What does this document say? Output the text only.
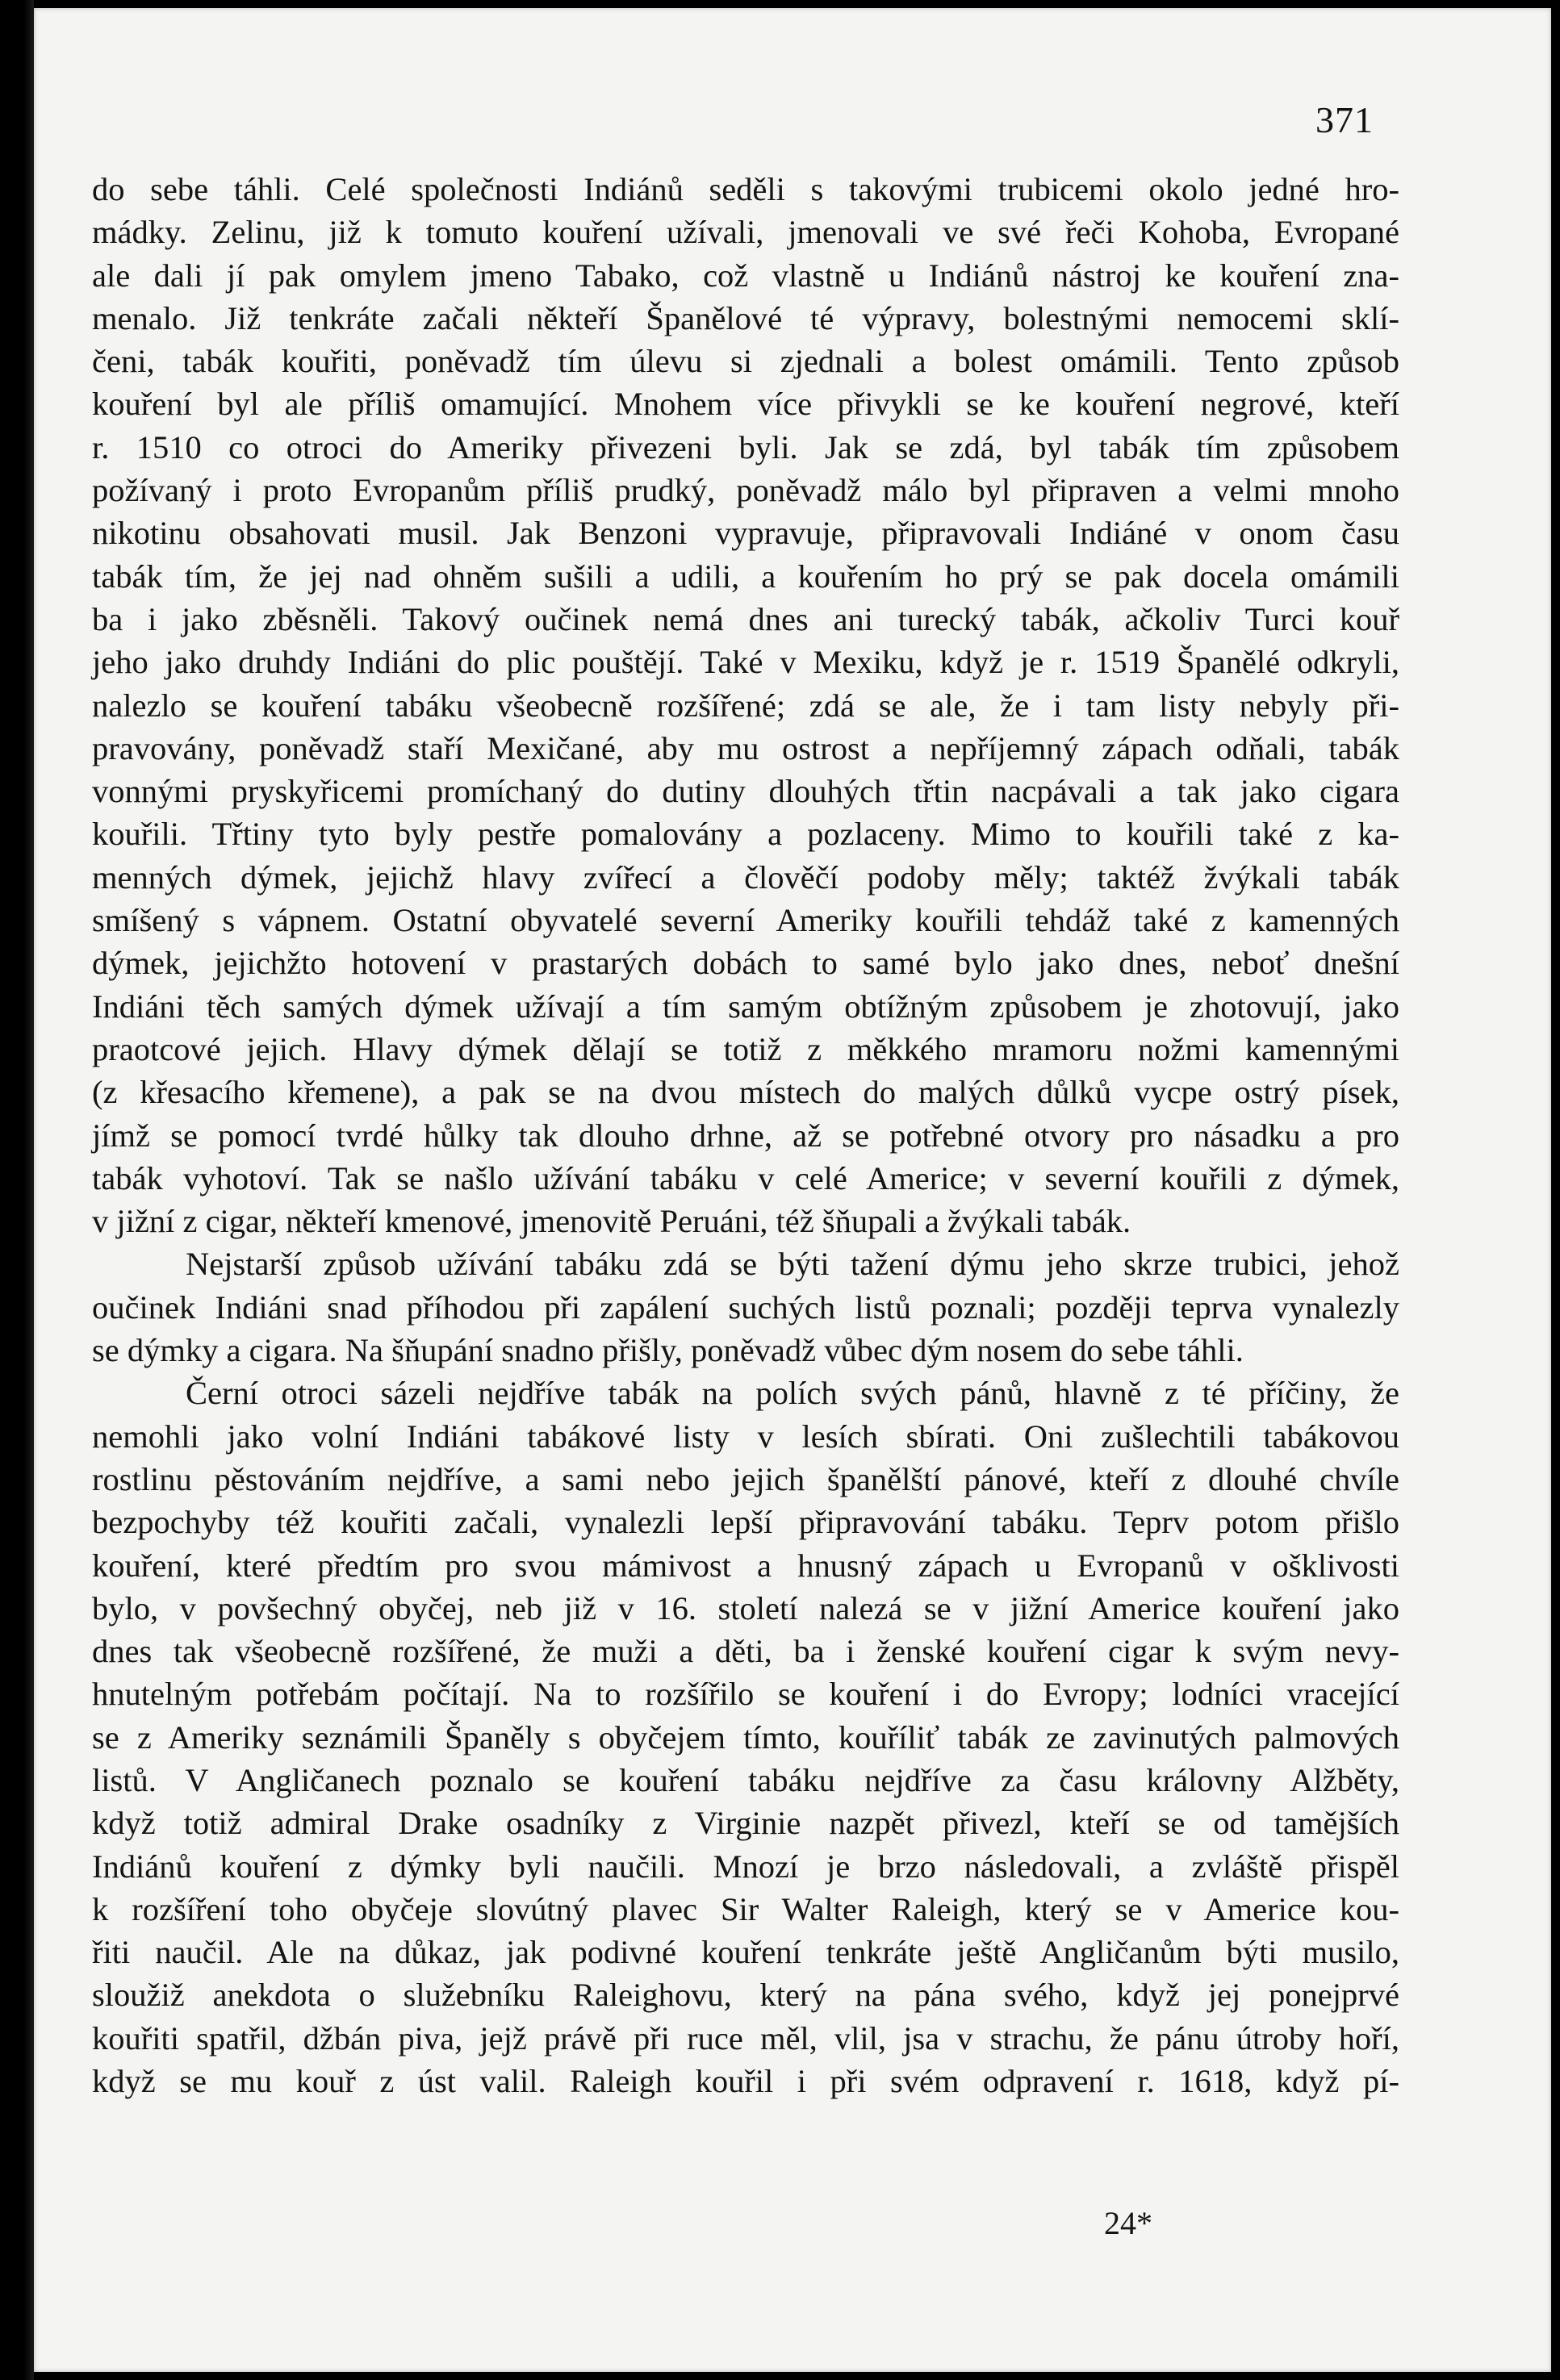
371
do sebe táhli. Celé společnosti Indiánů seděli s takovými trubicemi okolo jedné hro-
mádky. Zelinu, již k tomuto kouření užívali, jmenovali ve své řeči Kohoba, Evropané
ale dali jí pak omylem jmeno Tabako, což vlastně u Indiánů nástroj ke kouření zna-
menalo. Již tenkráte začali někteří Španělové té výpravy, bolestnými nemocemi sklí-
čeni, tabák kouřiti, poněvadž tím úlevu si zjednali a bolest omámili. Tento způsob
kouření byl ale příliš omamující. Mnohem více přivykli se ke kouření negrové, kteří
r. 1510 co otroci do Ameriky přivezeni byli. Jak se zdá, byl tabák tím způsobem
požívaný i proto Evropanům příliš prudký, poněvadž málo byl připraven a velmi mnoho
nikotinu obsahovati musil. Jak Benzoni vypravuje, připravovali Indiáné v onom času
tabák tím, že jej nad ohněm sušili a udili, a kouřením ho prý se pak docela omámili
ba i jako zběsněli. Takový oučinek nemá dnes ani turecký tabák, ačkoliv Turci kouř
jeho jako druhdy Indiáni do plic pouštějí. Také v Mexiku, když je r. 1519 Španělé odkryli,
nalezlo se kouření tabáku všeobecně rozšířené; zdá se ale, že i tam listy nebyly při-
pravovány, poněvadž staří Mexičané, aby mu ostrost a nepříjemný zápach odňali, tabák
vonnými pryskyřicemi promíchaný do dutiny dlouhých třtin nacpávali a tak jako cigara
kouřili. Třtiny tyto byly pestře pomalovány a pozlaceny. Mimo to kouřili také z ka-
menných dýmek, jejichž hlavy zvířecí a člověčí podoby měly; taktéž žvýkali tabák
smíšený s vápnem. Ostatní obyvatelé severní Ameriky kouřili tehdáž také z kamenných
dýmek, jejichžto hotovení v prastarých dobách to samé bylo jako dnes, neboť dnešní
Indiáni těch samých dýmek užívají a tím samým obtížným způsobem je zhotovují, jako
praotcové jejich. Hlavy dýmek dělají se totiž z měkkého mramoru nožmi kamennými
(z křesacího křemene), a pak se na dvou místech do malých důlků vycpe ostrý písek,
jímž se pomocí tvrdé hůlky tak dlouho drhne, až se potřebné otvory pro násadku a pro
tabák vyhotoví. Tak se našlo užívání tabáku v celé Americe; v severní kouřili z dýmek,
v jižní z cigar, někteří kmenové, jmenovitě Peruáni, též šňupali a žvýkali tabák.
Nejstarší způsob užívání tabáku zdá se býti tažení dýmu jeho skrze trubici, jehož
oučinek Indiáni snad příhodou při zapálení suchých listů poznali; později teprva vynalezly
se dýmky a cigara. Na šňupání snadno přišly, poněvadž vůbec dým nosem do sebe táhli.
Černí otroci sázeli nejdříve tabák na polích svých pánů, hlavně z té příčiny, že
nemohli jako volní Indiáni tabákové listy v lesích sbírati. Oni zušlechtili tabákovou
rostlinu pěstováním nejdříve, a sami nebo jejich španělští pánové, kteří z dlouhé chvíle
bezpochyby též kouřiti začali, vynalezli lepší připravování tabáku. Teprv potom přišlo
kouření, které předtím pro svou mámivost a hnusný zápach u Evropanů v ošklivosti
bylo, v povšechný obyčej, neb již v 16. století nalezá se v jižní Americe kouření jako
dnes tak všeobecně rozšířené, že muži a děti, ba i ženské kouření cigar k svým nevy-
hnutelným potřebám počítají. Na to rozšířilo se kouření i do Evropy; lodníci vracející
se z Ameriky seznámili Španěly s obyčejem tímto, kouříliť tabák ze zavinutých palmových
listů. V Angličanech poznalo se kouření tabáku nejdříve za času královny Alžběty,
když totiž admiral Drake osadníky z Virginie nazpět přivezl, kteří se od tamějších
Indiánů kouření z dýmky byli naučili. Mnozí je brzo následovali, a zvláště přispěl
k rozšíření toho obyčeje slovútný plavec Sir Walter Raleigh, který se v Americe kou-
řiti naučil. Ale na důkaz, jak podivné kouření tenkráte ještě Angličanům býti musilo,
sloužiž anekdota o služebníku Raleighovu, který na pána svého, když jej ponejprvé
kouřiti spatřil, džbán piva, jejž právě při ruce měl, vlil, jsa v strachu, že pánu útroby hoří,
když se mu kouř z úst valil. Raleigh kouřil i při svém odpravení r. 1618, když pí-
24*
